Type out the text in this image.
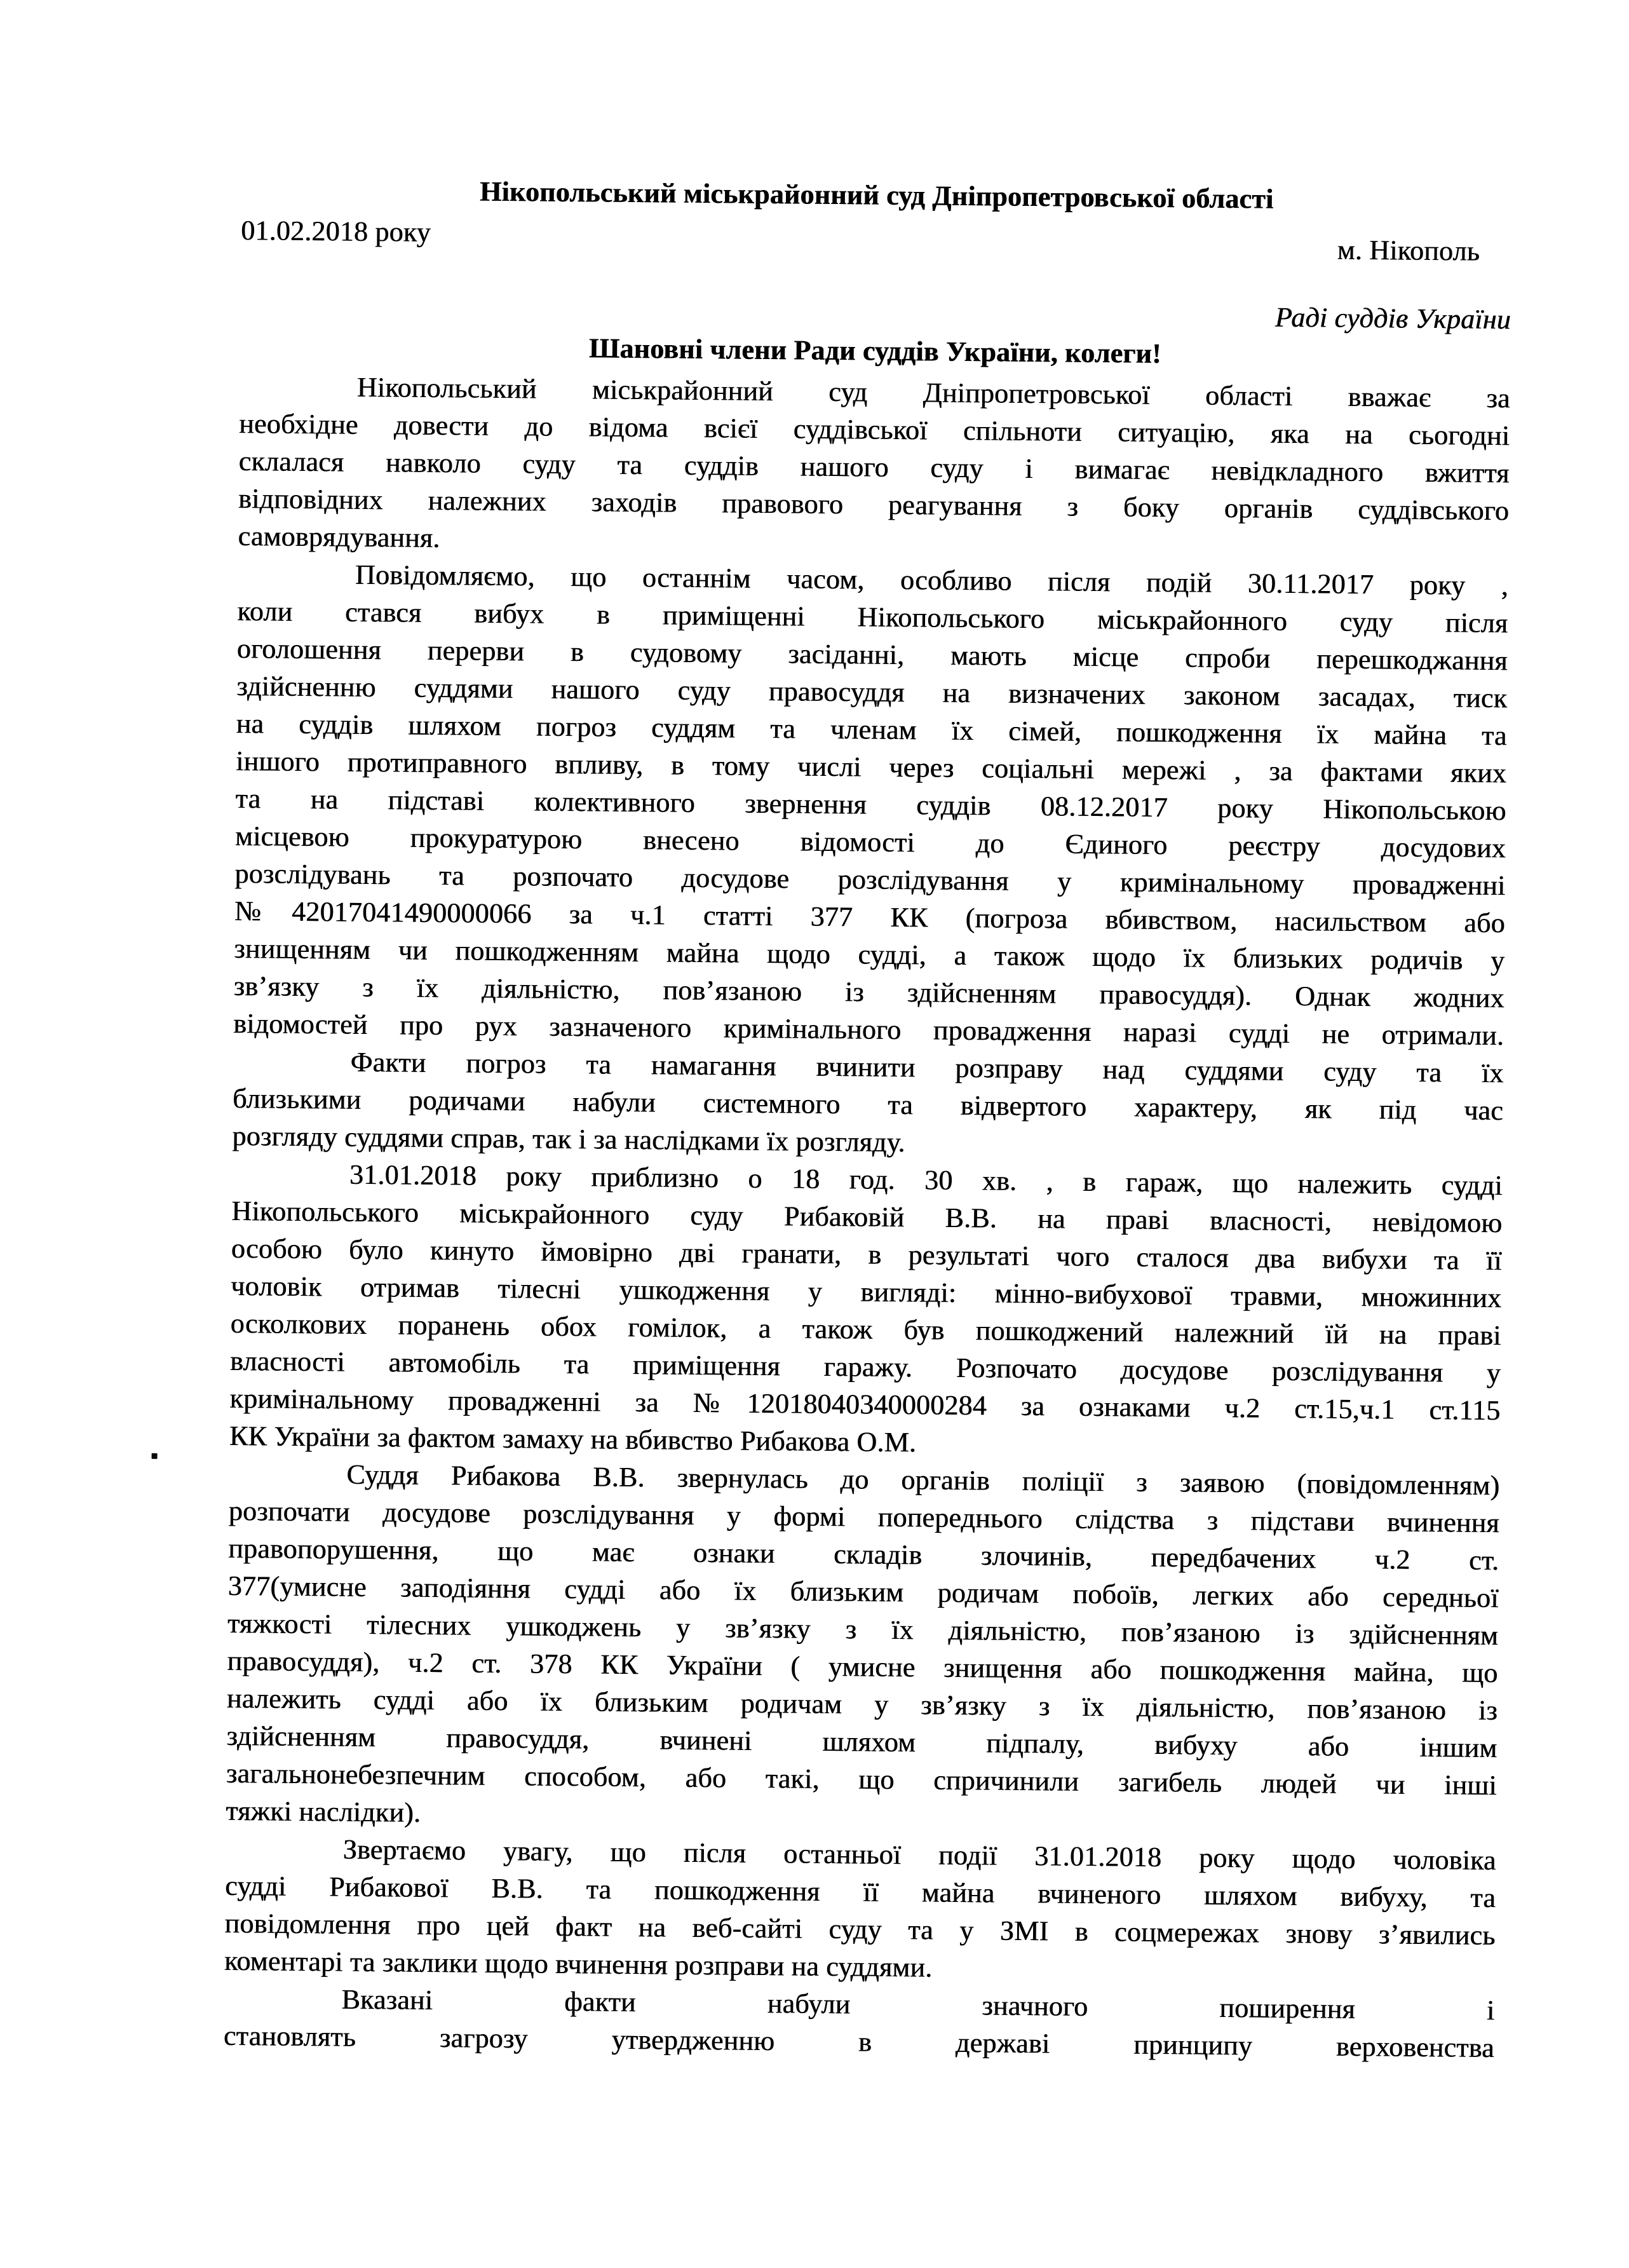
Нікопольський міськрайонний суд Дніпропетровської області
01.02.2018 року
м. Нікополь
Раді суддів України
Шановні члени Ради суддів України, колеги!
Нікопольський міськрайонний суд Дніпропетровської області вважає за
необхідне довести до відома всієї суддівської спільноти ситуацію, яка на сьогодні
склалася навколо суду та суддів нашого суду і вимагає невідкладного вжиття
відповідних належних заходів правового реагування з боку органів суддівського
самоврядування.
Повідомляємо, що останнім часом, особливо після подій 30.11.2017 року ,
коли стався вибух в приміщенні Нікопольського міськрайонного суду після
оголошення перерви в судовому засіданні, мають місце спроби перешкоджання
здійсненню суддями нашого суду правосуддя на визначених законом засадах, тиск
на суддів шляхом погроз суддям та членам їх сімей, пошкодження їх майна та
іншого протиправного впливу, в тому числі через соціальні мережі , за фактами яких
та на підставі колективного звернення суддів 08.12.2017 року Нікопольською
місцевою прокуратурою внесено відомості до Єдиного реєстру досудових
розслідувань та розпочато досудове розслідування у кримінальному провадженні
№42017041490000066 за ч.1 статті 377 КК (погроза вбивством, насильством або
знищенням чи пошкодженням майна щодо судді, а також щодо їх близьких родичів у
зв’язку з їх діяльністю, пов’язаною із здійсненням правосуддя). Однак жодних
відомостей про рух зазначеного кримінального провадження наразі судді не отримали.
Факти погроз та намагання вчинити розправу над суддями суду та їх
близькими родичами набули системного та відвертого характеру, як під час
розгляду суддями справ, так і за наслідками їх розгляду.
31.01.2018 року приблизно о 18 год. 30 хв. , в гараж, що належить судді
Нікопольського міськрайонного суду Рибаковій В.В. на праві власності, невідомою
особою було кинуто ймовірно дві гранати, в результаті чого сталося два вибухи та її
чоловік отримав тілесні ушкодження у вигляді: мінно-вибухової травми, множинних
осколкових поранень обох гомілок, а також був пошкоджений належний їй на праві
власності автомобіль та приміщення гаражу. Розпочато досудове розслідування у
кримінальному провадженні за №12018040340000284 за ознаками ч.2 ст.15,ч.1 ст.115
КК України за фактом замаху на вбивство Рибакова О.М.
Суддя Рибакова В.В. звернулась до органів поліції з заявою (повідомленням)
розпочати досудове розслідування у формі попереднього слідства з підстави вчинення
правопорушення, що має ознаки складів злочинів, передбачених ч.2 ст.
377(умисне заподіяння судді або їх близьким родичам побоїв, легких або середньої
тяжкості тілесних ушкоджень у зв’язку з їх діяльністю, пов’язаною із здійсненням
правосуддя), ч.2 ст. 378 КК України ( умисне знищення або пошкодження майна, що
належить судді або їх близьким родичам у зв’язку з їх діяльністю, пов’язаною із
здійсненням правосуддя, вчинені шляхом підпалу, вибуху або іншим
загальнонебезпечним способом, або такі, що спричинили загибель людей чи інші
тяжкі наслідки).
Звертаємо увагу, що після останньої події 31.01.2018 року щодо чоловіка
судді Рибакової В.В. та пошкодження її майна вчиненого шляхом вибуху, та
повідомлення про цей факт на веб-сайті суду та у ЗМІ в соцмережах знову з’явились
коментарі та заклики щодо вчинення розправи на суддями.
Вказані факти набули значного поширення і
становлять загрозу утвердженню в державі принципу верховенства
